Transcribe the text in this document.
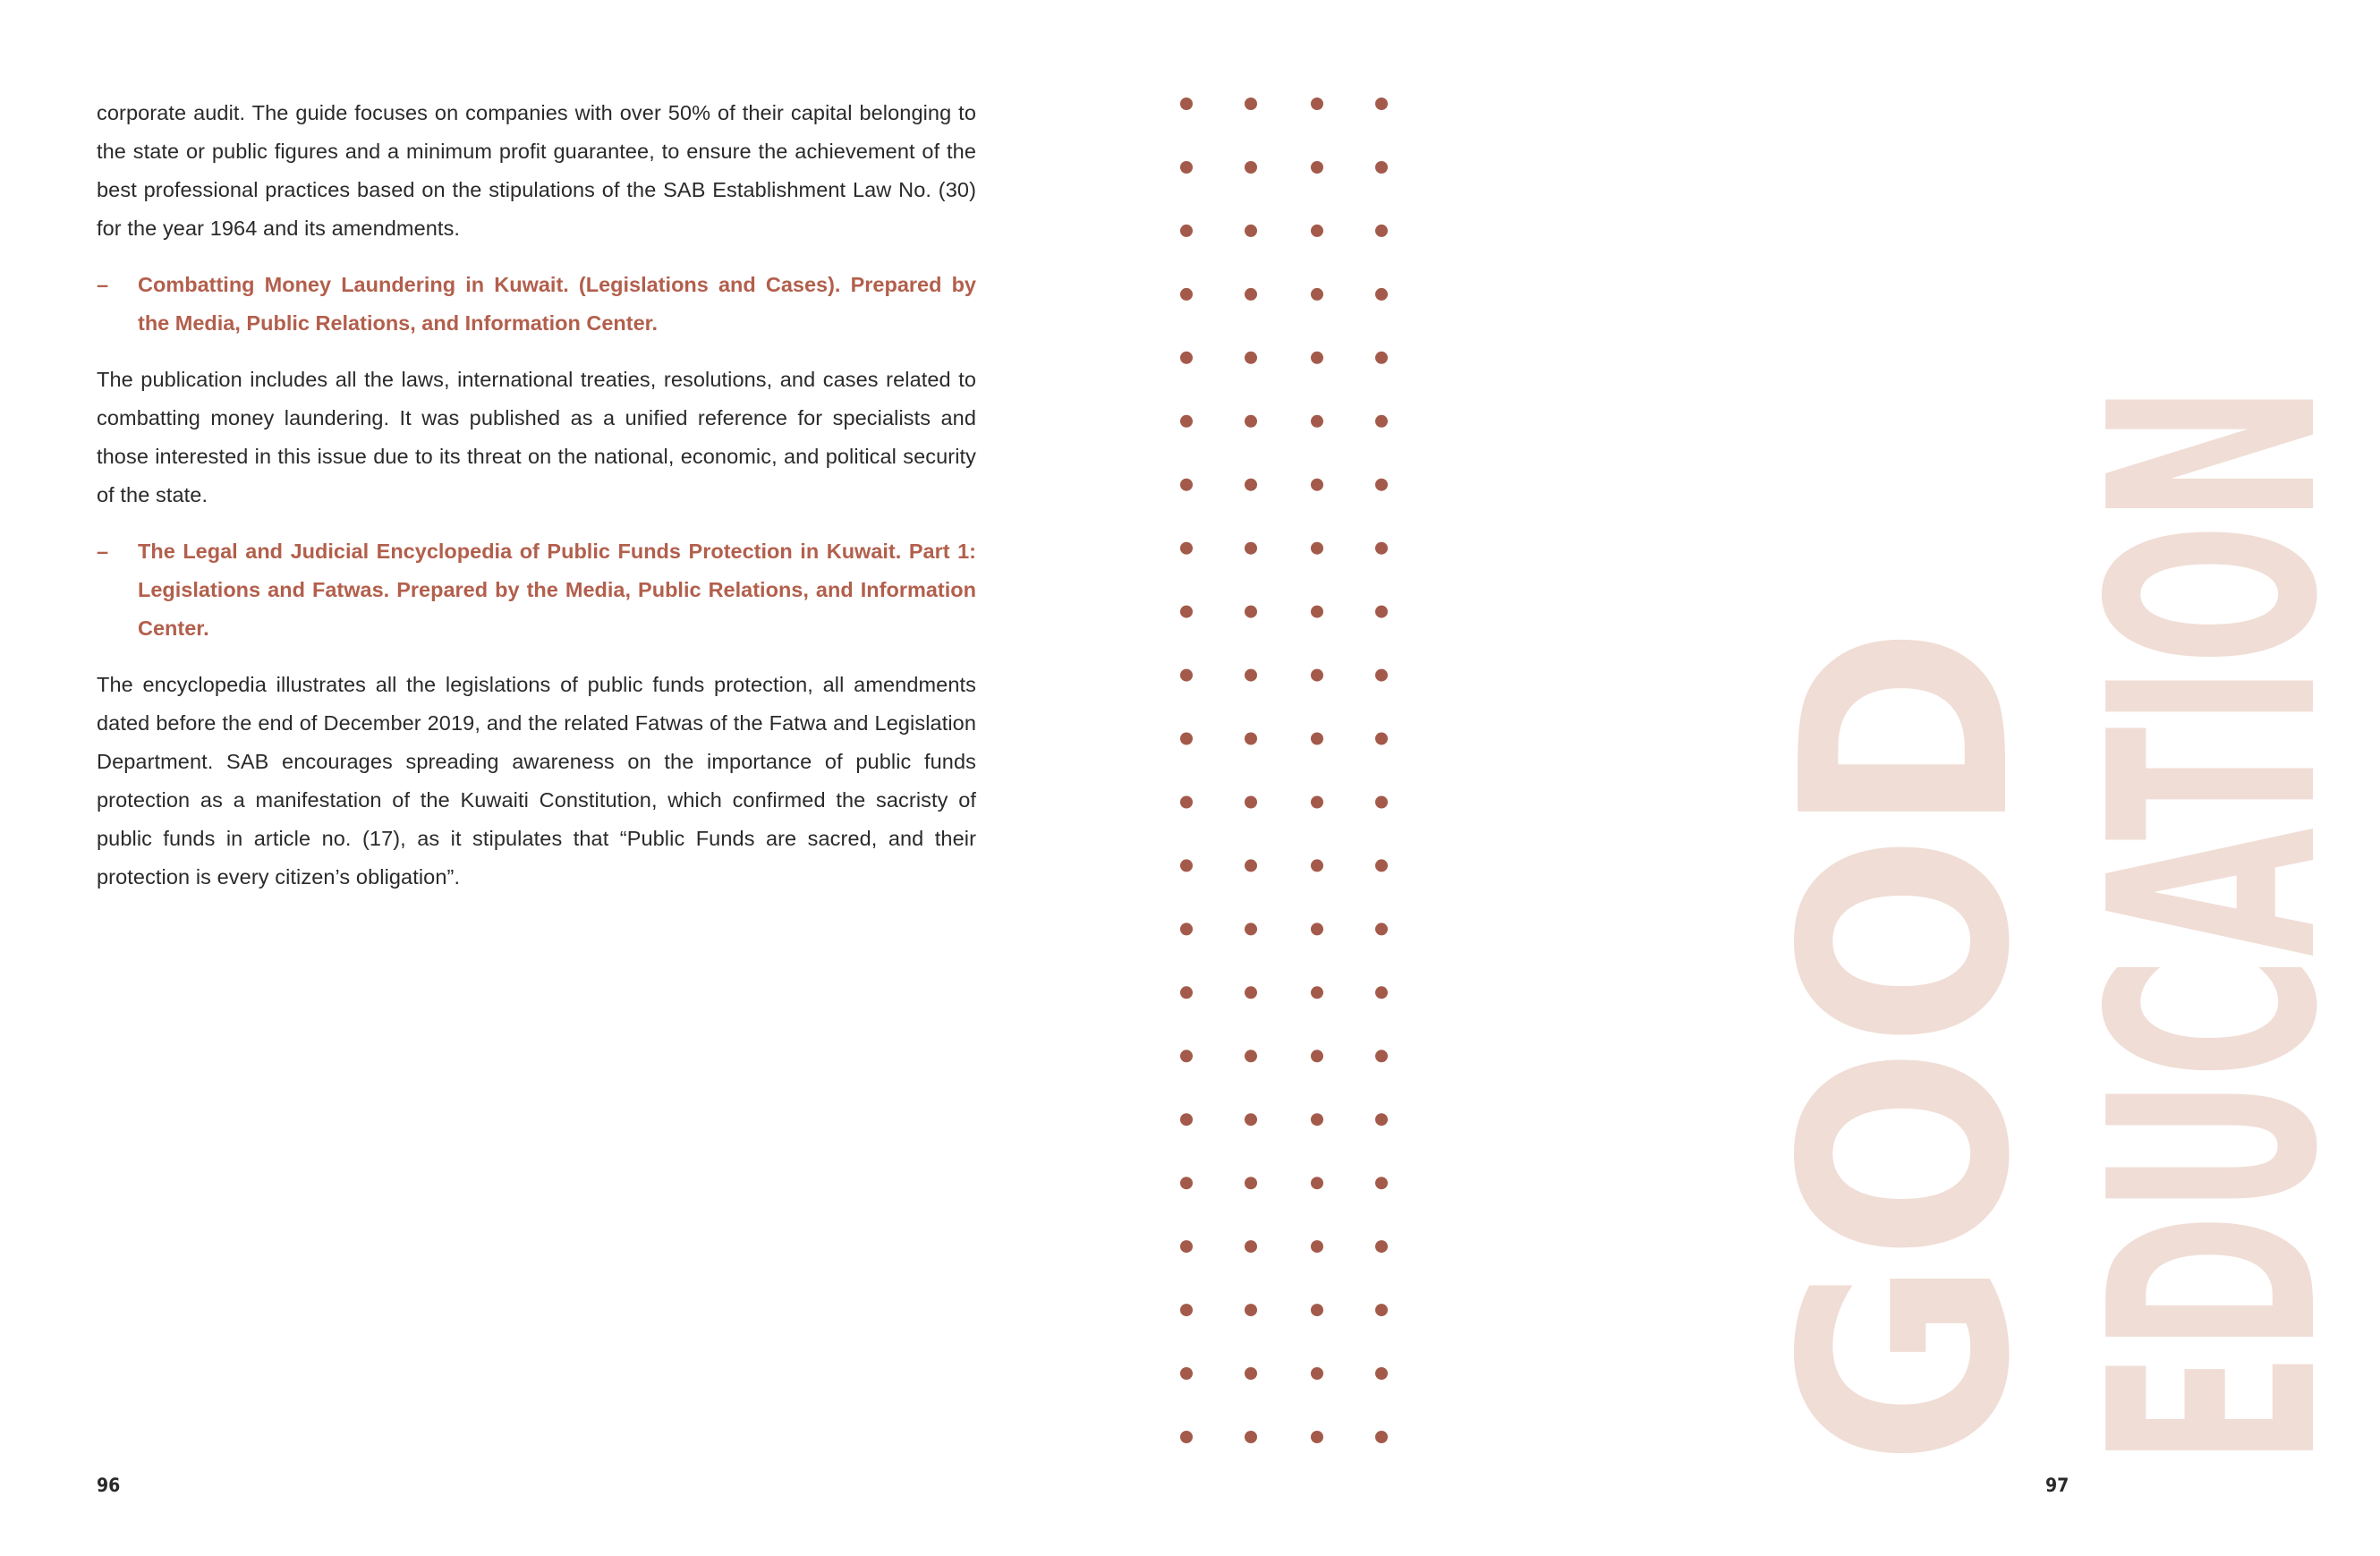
corporate audit. The guide focuses on companies with over 50% of their capital belonging to the state or public figures and a minimum profit guarantee, to ensure the achievement of the best professional practices based on the stipulations of the SAB Establishment Law No. (30) for the year 1964 and its amendments.

– Combatting Money Laundering in Kuwait. (Legislations and Cases). Prepared by the Media, Public Relations, and Information Center.

The publication includes all the laws, international treaties, resolutions, and cases related to combatting money laundering. It was published as a unified reference for specialists and those interested in this issue due to its threat on the national, economic, and political security of the state.

– The Legal and Judicial Encyclopedia of Public Funds Protection in Kuwait. Part 1: Legislations and Fatwas. Prepared by the Media, Public Relations, and Information Center.

The encyclopedia illustrates all the legislations of public funds protection, all amendments dated before the end of December 2019, and the related Fatwas of the Fatwa and Legislation Department. SAB encourages spreading awareness on the importance of public funds protection as a manifestation of the Kuwaiti Constitution, which confirmed the sacristy of public funds in article no. (17), as it stipulates that “Public Funds are sacred, and their protection is every citizen’s obligation”.

96
GOOD
EDUCATION
97
